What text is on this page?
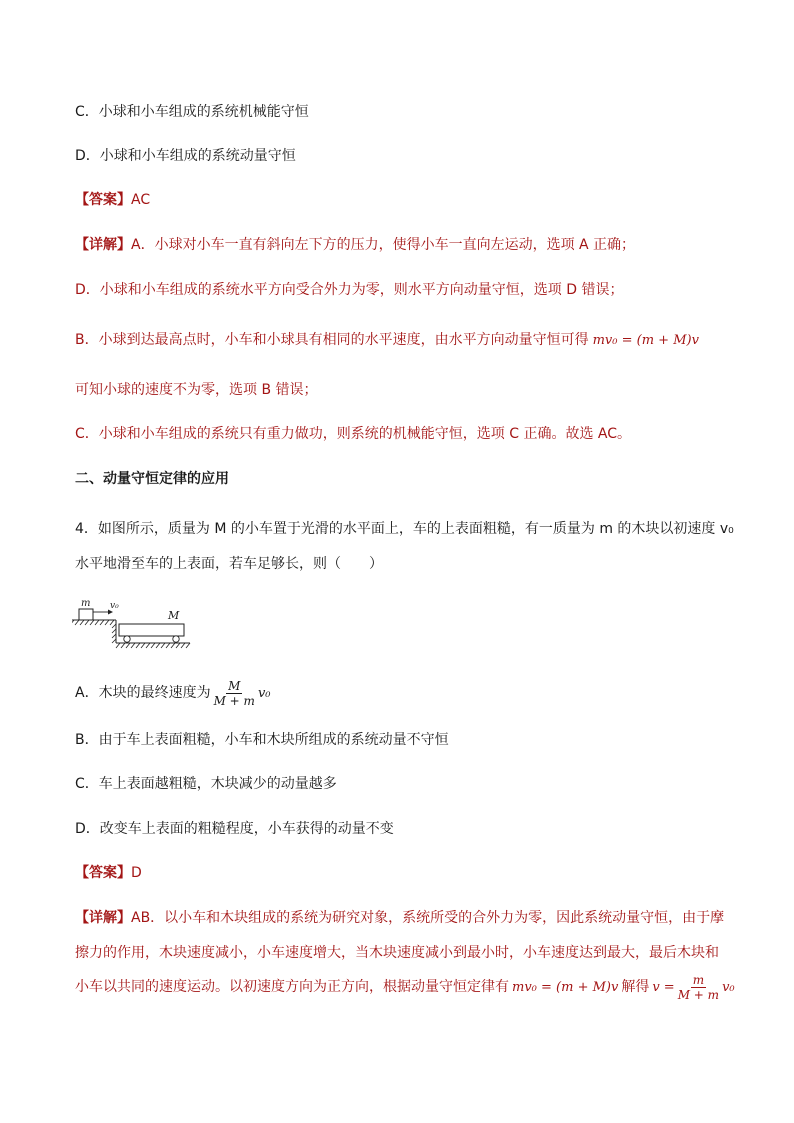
C．小球和小车组成的系统机械能守恒
D．小球和小车组成的系统动量守恒
【答案】AC
【详解】A．小球对小车一直有斜向左下方的压力，使得小车一直向左运动，选项 A 正确；
D．小球和小车组成的系统水平方向受合外力为零，则水平方向动量守恒，选项 D 错误；
B．小球到达最高点时，小车和小球具有相同的水平速度，由水平方向动量守恒可得 mv₀ = (m + M)v
可知小球的速度不为零，选项 B 错误；
C．小球和小车组成的系统只有重力做功，则系统的机械能守恒，选项 C 正确。故选 AC。
二、动量守恒定律的应用
4．如图所示，质量为 M 的小车置于光滑的水平面上，车的上表面粗糙，有一质量为 m 的木块以初速度 v₀
水平地滑至车的上表面，若车足够长，则（　　）
m v₀
M
A．木块的最终速度为 $\frac{M}{M + m} v_0$
B．由于车上表面粗糙，小车和木块所组成的系统动量不守恒
C．车上表面越粗糙，木块减少的动量越多
D．改变车上表面的粗糙程度，小车获得的动量不变
【答案】D
【详解】AB．以小车和木块组成的系统为研究对象，系统所受的合外力为零，因此系统动量守恒，由于摩
擦力的作用，木块速度减小，小车速度增大，当木块速度减小到最小时，小车速度达到最大，最后木块和
小车以共同的速度运动。以初速度方向为正方向，根据动量守恒定律有 mv₀ = (m + M)v 解得 $v = \frac{m}{M + m} v_0$
